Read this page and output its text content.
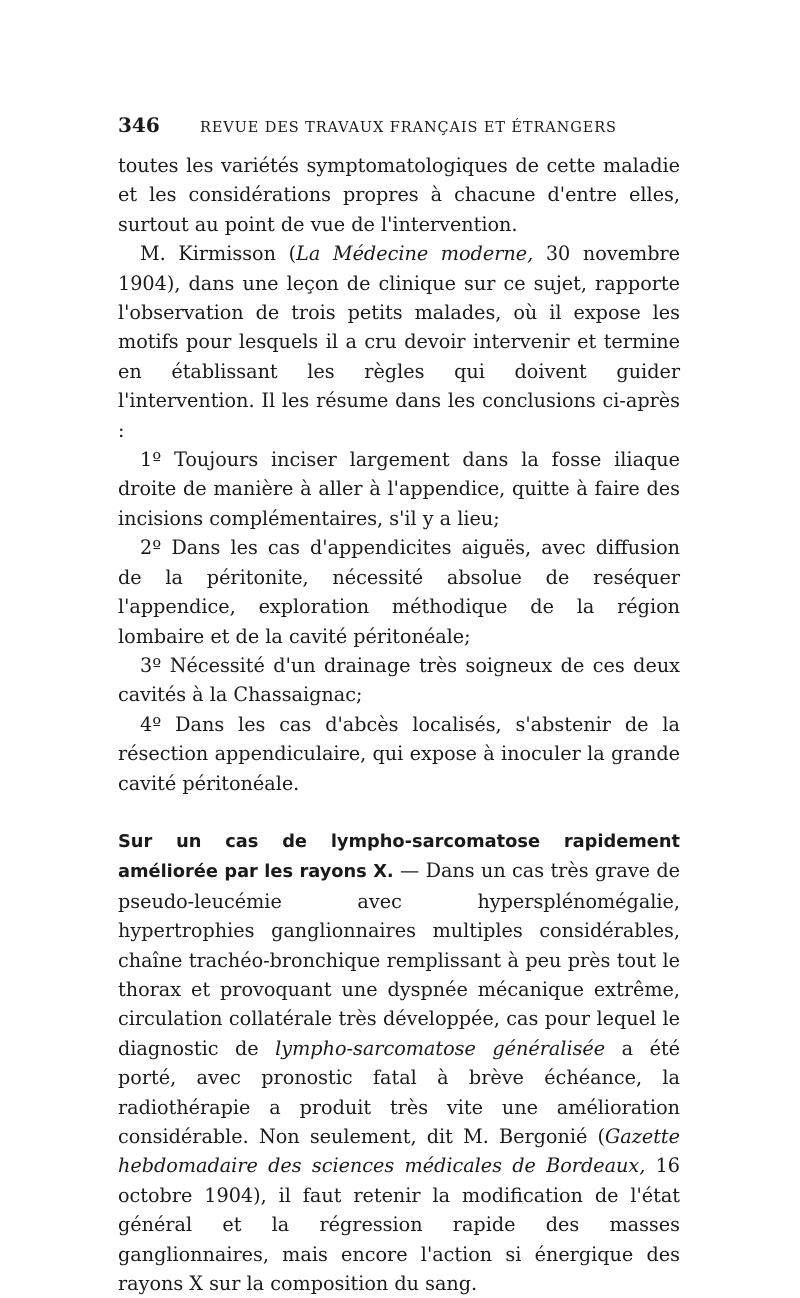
346	REVUE DES TRAVAUX FRANÇAIS ET ÉTRANGERS

toutes les variétés symptomatologiques de cette maladie et les considérations propres à chacune d'entre elles, surtout au point de vue de l'intervention.

M. Kirmisson (La Médecine moderne, 30 novembre 1904), dans une leçon de clinique sur ce sujet, rapporte l'observation de trois petits malades, où il expose les motifs pour lesquels il a cru devoir intervenir et termine en établissant les règles qui doivent guider l'intervention. Il les résume dans les conclusions ci-après :

1º Toujours inciser largement dans la fosse iliaque droite de manière à aller à l'appendice, quitte à faire des incisions complémentaires, s'il y a lieu;

2º Dans les cas d'appendicites aiguës, avec diffusion de la péritonite, nécessité absolue de reséquer l'appendice, exploration méthodique de la région lombaire et de la cavité péritonéale;

3º Nécessité d'un drainage très soigneux de ces deux cavités à la Chassaignac;

4º Dans les cas d'abcès localisés, s'abstenir de la résection appendiculaire, qui expose à inoculer la grande cavité péritonéale.

Sur un cas de lympho-sarcomatose rapidement améliorée par les rayons X. — Dans un cas très grave de pseudo-leucémie avec hypersplénomégalie, hypertrophies ganglionnaires multiples considérables, chaîne trachéo-bronchique remplissant à peu près tout le thorax et provoquant une dyspnée mécanique extrême, circulation collatérale très développée, cas pour lequel le diagnostic de lympho-sarcomatose généralisée a été porté, avec pronostic fatal à brève échéance, la radiothérapie a produit très vite une amélioration considérable. Non seulement, dit M. Bergonié (Gazette hebdomadaire des sciences médicales de Bordeaux, 16 octobre 1904), il faut retenir la modification de l'état général et la régression rapide des masses ganglionnaires, mais encore l'action si énergique des rayons X sur la composition du sang.
